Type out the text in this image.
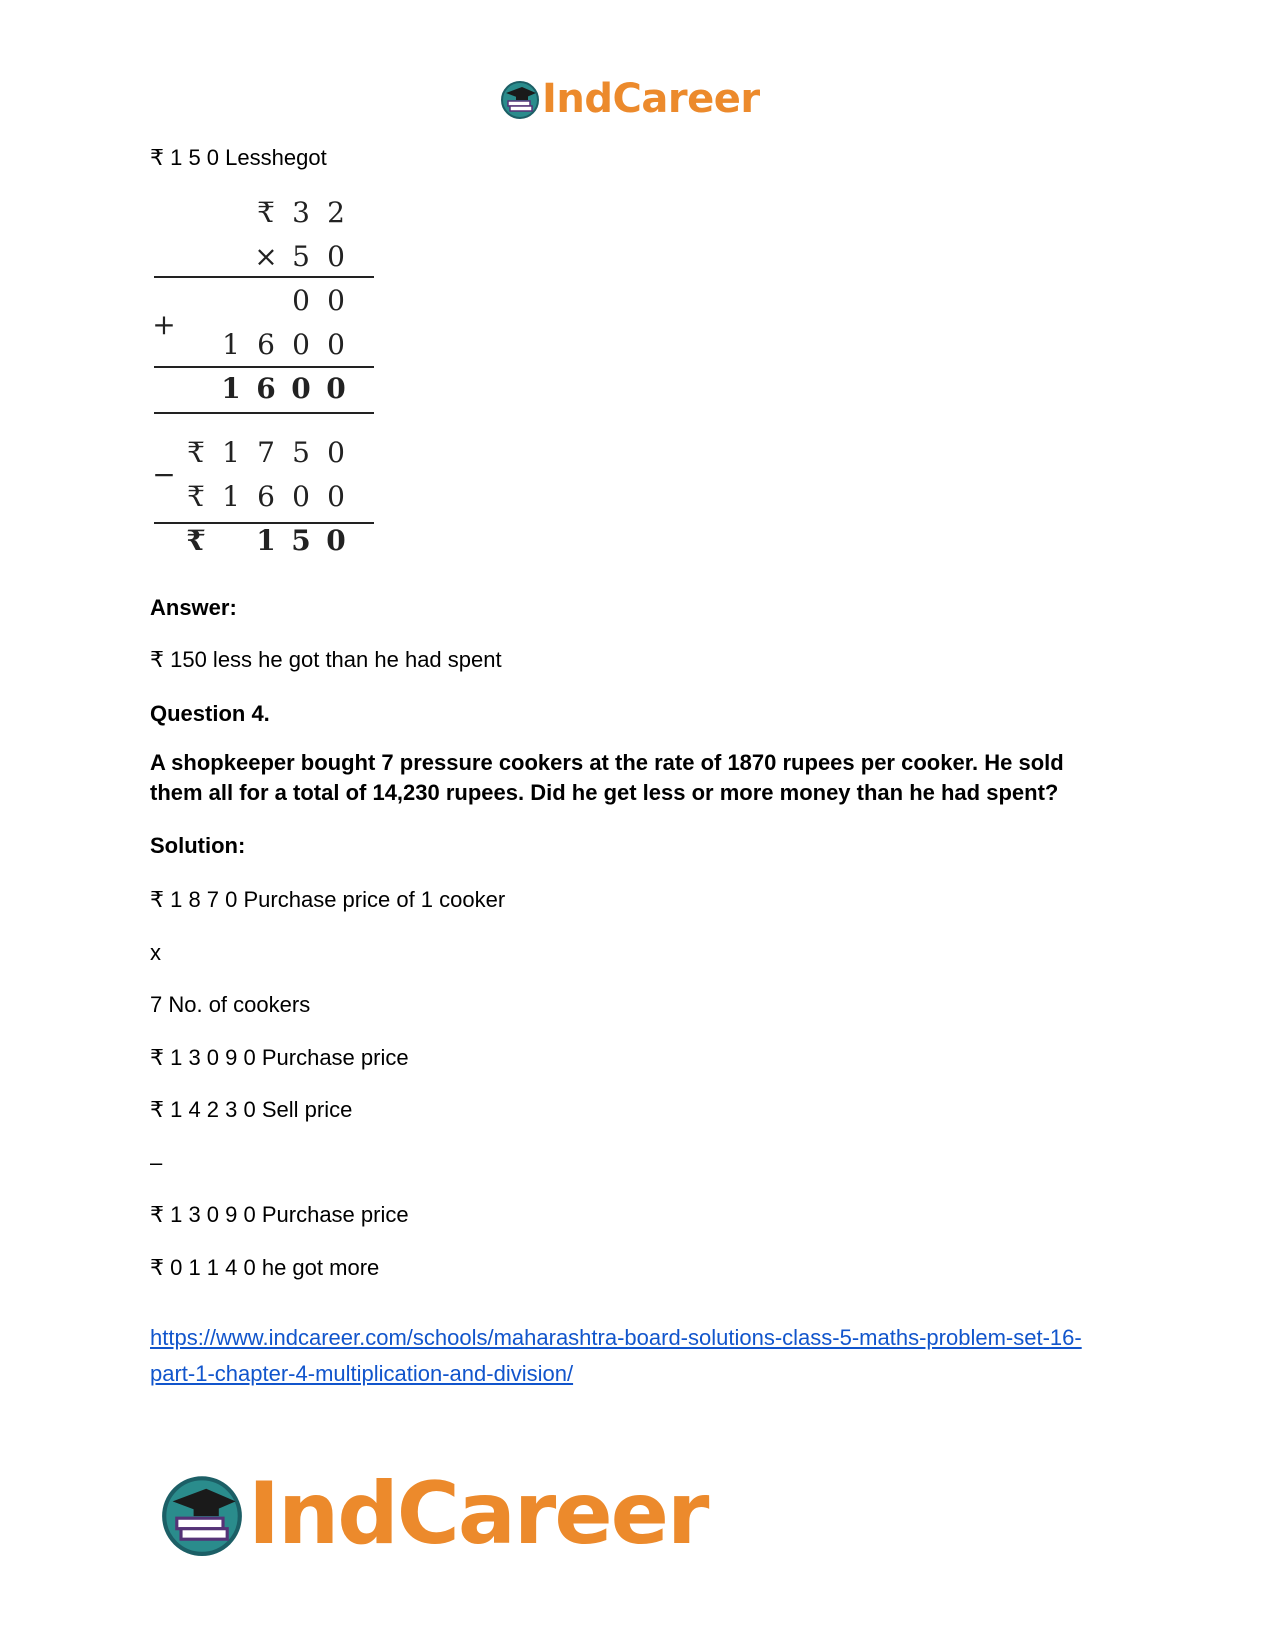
IndCareer
₹ 1 5 0 Lesshegot
₹ 3 2
× 5 0
0 0
1 6 0 0
1 6 0 0
₹ 1 7 5 0
₹ 1 6 0 0
₹ 1 5 0
+
−
Answer:
₹ 150 less he got than he had spent
Question 4.
A shopkeeper bought 7 pressure cookers at the rate of 1870 rupees per cooker. He sold them all for a total of 14,230 rupees. Did he get less or more money than he had spent?
Solution:
₹ 1 8 7 0 Purchase price of 1 cooker
x
7 No. of cookers
₹ 1 3 0 9 0 Purchase price
₹ 1 4 2 3 0 Sell price
–
₹ 1 3 0 9 0 Purchase price
₹ 0 1 1 4 0 he got more
https://www.indcareer.com/schools/maharashtra-board-solutions-class-5-maths-problem-set-16-
part-1-chapter-4-multiplication-and-division/
IndCareer
